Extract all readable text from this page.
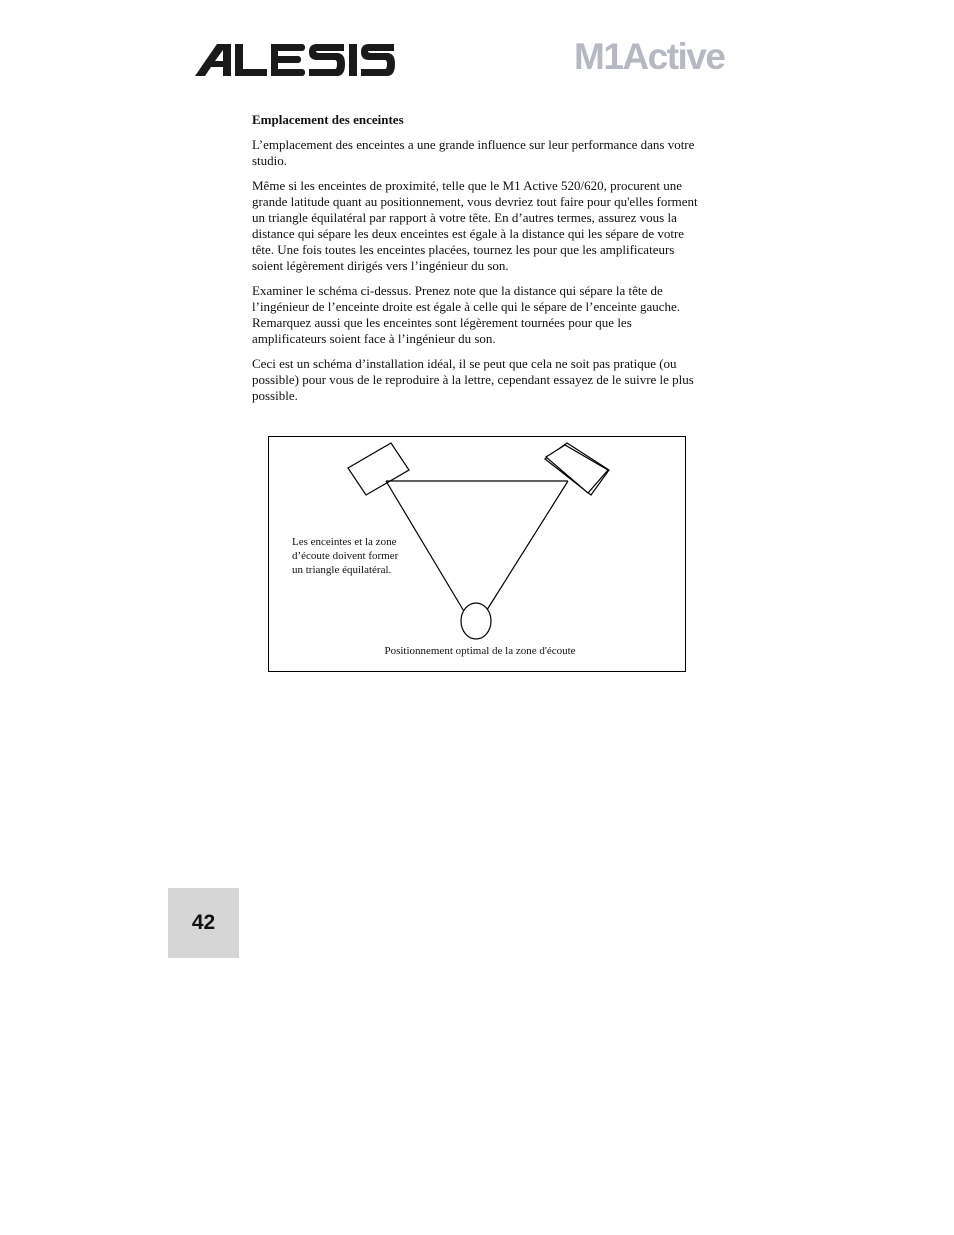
M1Active
Emplacement des enceintes

L’emplacement des enceintes a une grande influence sur leur performance dans votre studio.

Même si les enceintes de proximité, telle que le M1 Active 520/620, procurent une grande latitude quant au positionnement, vous devriez tout faire pour qu'elles forment un triangle équilatéral par rapport à votre tête. En d’autres termes, assurez vous la distance qui sépare les deux enceintes est égale à la distance qui les sépare de votre tête. Une fois toutes les enceintes placées, tournez les pour que les amplificateurs soient légèrement dirigés vers l’ingénieur du son.

Examiner le schéma ci-dessus. Prenez note que la distance qui sépare la tête de l’ingénieur de l’enceinte droite est égale à celle qui le sépare de l’enceinte gauche. Remarquez aussi que les enceintes sont légèrement tournées pour que les amplificateurs soient face à l’ingénieur du son.

Ceci est un schéma d’installation idéal, il se peut que cela ne soit pas pratique (ou possible) pour vous de le reproduire à la lettre, cependant essayez de le suivre le plus possible.

Les enceintes et la zone d’écoute doivent former un triangle équilatéral.
Positionnement optimal de la zone d'écoute
42
